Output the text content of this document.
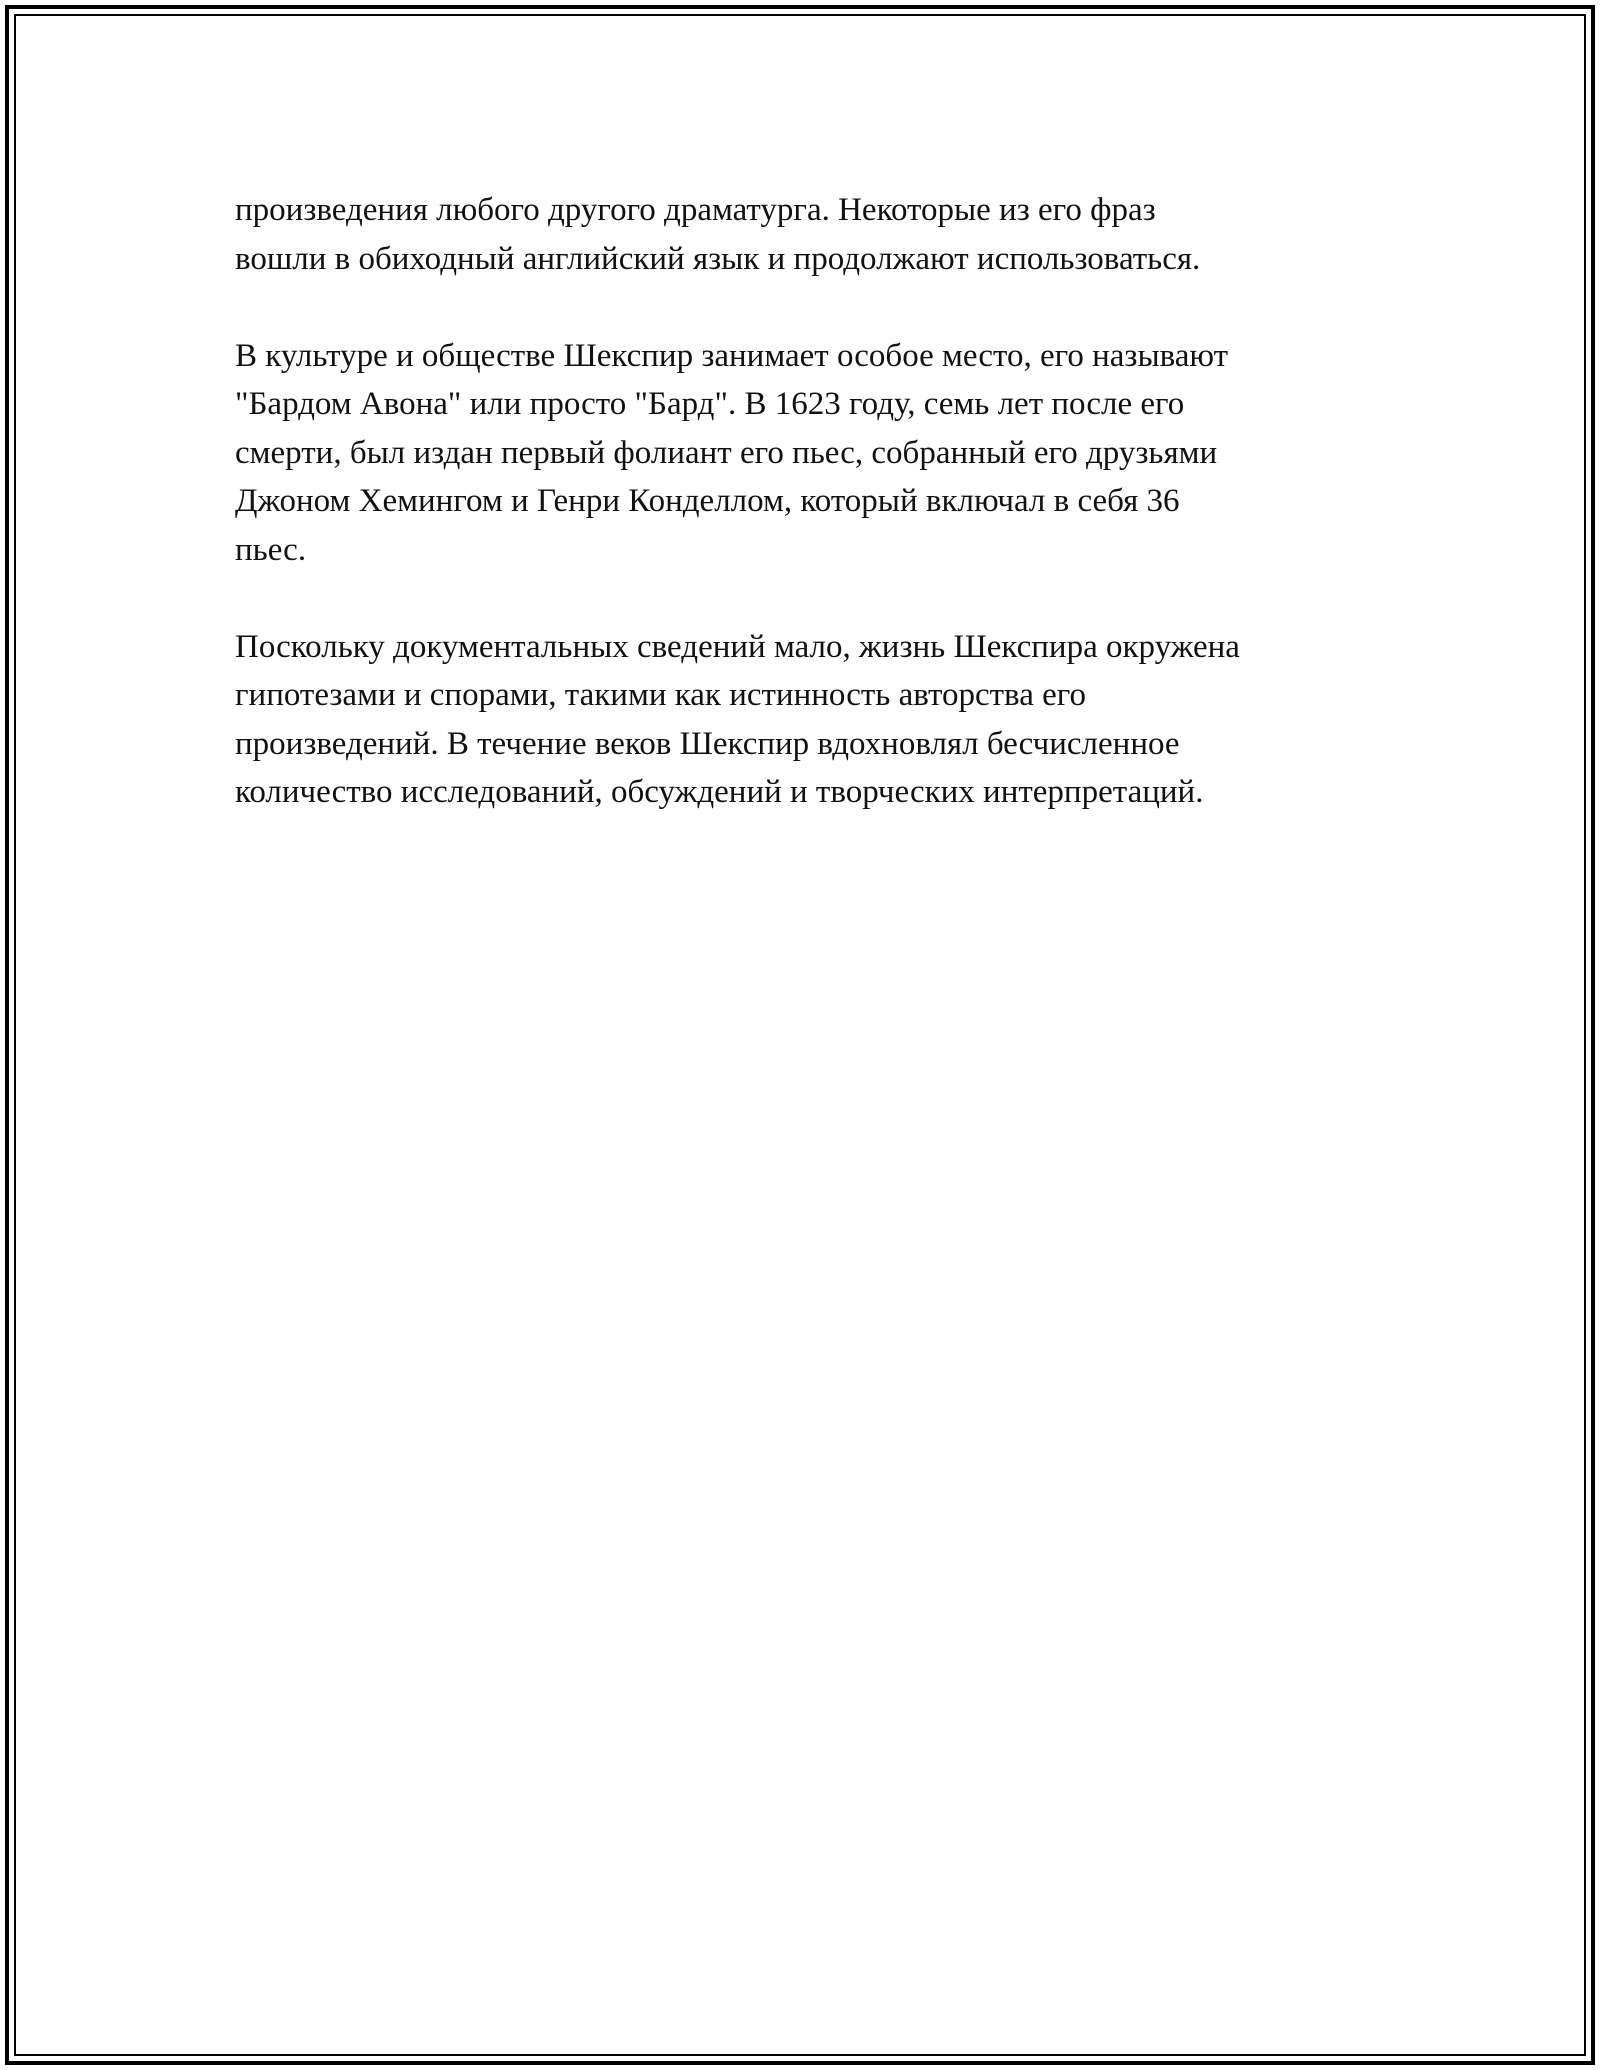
произведения любого другого драматурга. Некоторые из его фраз
вошли в обиходный английский язык и продолжают использоваться.

В культуре и обществе Шекспир занимает особое место, его называют
"Бардом Авона" или просто "Бард". В 1623 году, семь лет после его
смерти, был издан первый фолиант его пьес, собранный его друзьями
Джоном Хемингом и Генри Конделлом, который включал в себя 36
пьес.

Поскольку документальных сведений мало, жизнь Шекспира окружена
гипотезами и спорами, такими как истинность авторства его
произведений. В течение веков Шекспир вдохновлял бесчисленное
количество исследований, обсуждений и творческих интерпретаций.
